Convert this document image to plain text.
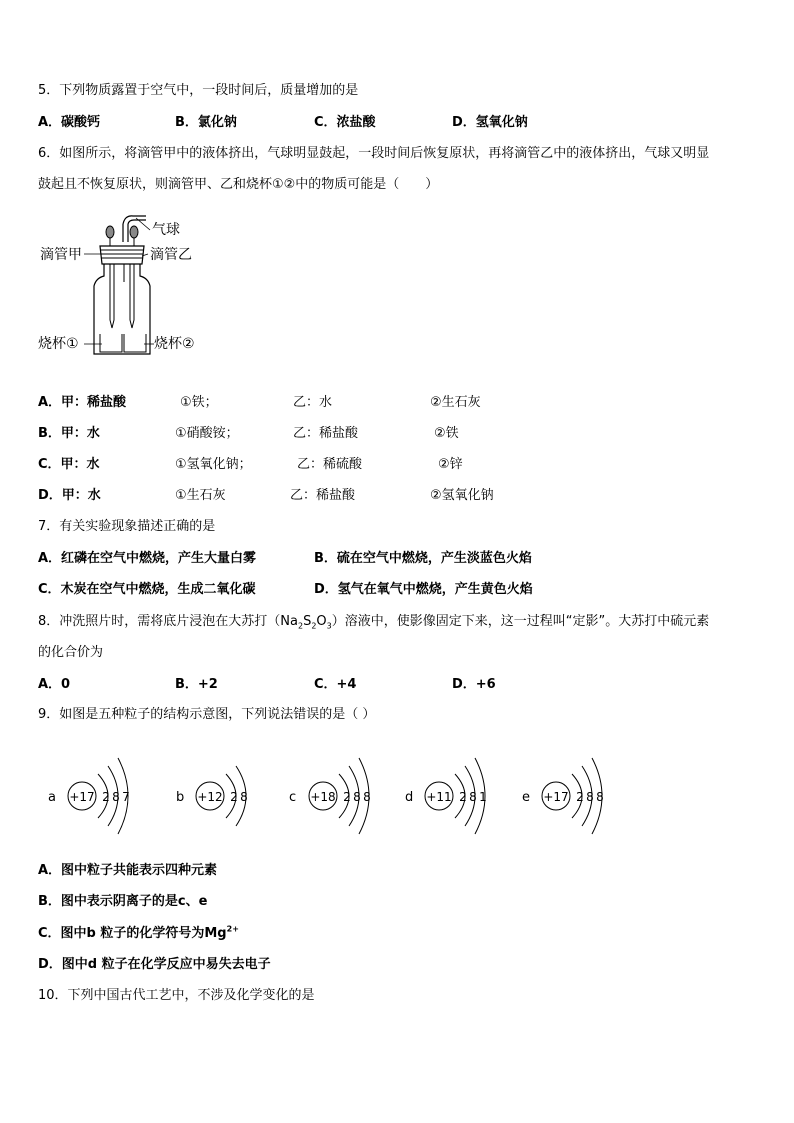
5．下列物质露置于空气中，一段时间后，质量增加的是
A．碳酸钙	B．氯化钠	C．浓盐酸	D．氢氧化钠
6．如图所示，将滴管甲中的液体挤出，气球明显鼓起，一段时间后恢复原状，再将滴管乙中的液体挤出，气球又明显
鼓起且不恢复原状，则滴管甲、乙和烧杯①②中的物质可能是（　　）
气球
滴管甲	滴管乙
烧杯①	烧杯②
A．甲：稀盐酸	①铁；	乙：水	②生石灰
B．甲：水	①硝酸铵；	乙：稀盐酸	②铁
C．甲：水	①氢氧化钠；	乙：稀硫酸	②锌
D．甲：水	①生石灰	乙：稀盐酸	②氢氧化钠
7．有关实验现象描述正确的是
A．红磷在空气中燃烧，产生大量白雾	B．硫在空气中燃烧，产生淡蓝色火焰
C．木炭在空气中燃烧，生成二氧化碳	D．氢气在氧气中燃烧，产生黄色火焰
8．冲洗照片时，需将底片浸泡在大苏打$(Na_2S_2O_3)$溶液中，使影像固定下来，这一过程叫“定影”。大苏打中硫元素
的化合价为
A．0	B．+2	C．+4	D．+6
9．如图是五种粒子的结构示意图，下列说法错误的是（ ）
a +17 2 8 7	b +12 2 8	c +18 2 8 8	d +11 2 8 1	e +17 2 8 8
A．图中粒子共能表示四种元素
B．图中表示阴离子的是c、e
C．图中b 粒子的化学符号为$Mg^{2+}$
D．图中d 粒子在化学反应中易失去电子
10．下列中国古代工艺中，不涉及化学变化的是
